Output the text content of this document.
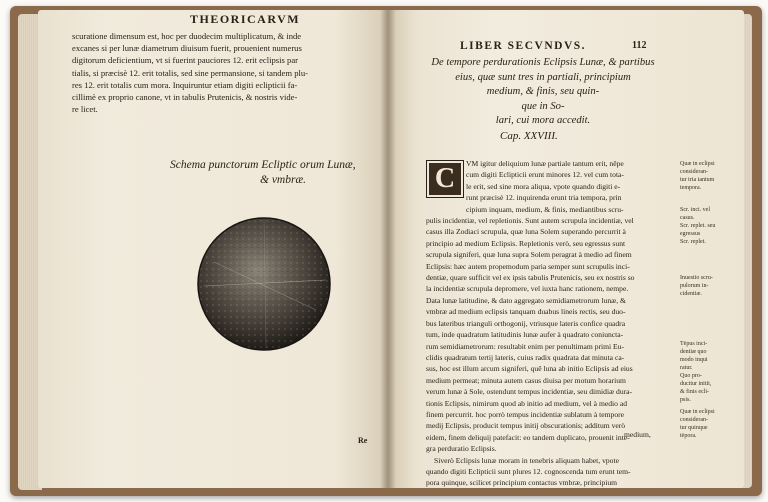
THEORICARVM
scuratione dimensum est, hoc per duodecim multiplicatum, & inde
excanes si per lunæ diametrum diuisum fuerit, prouenient numerus
digitorum deficientium, vt si fuerint pauciores 12. erit eclipsis par
tialis, si præcisè 12. erit totalis, sed sine permansione, si tandem plu-
res 12. erit totalis cum mora. Inquiruntur etiam digiti eclipticii fa-
cillimè ex proprio canone, vt in tabulis Prutenicis, & nostris vide-
re licet.
Schema punctorum Ecliptic orum Lunæ,
& vmbræ.
Re
LIBER SECVNDVS.	112
De tempore perdurationis Eclipsis Lunæ, & partibus
eius, quæ sunt tres in partiali, principium
medium, & finis, seu quin-
que in So-
lari, cui mora accedit.
Cap. XXVIII.
C	VM igitur deliquium lunæ partiale tantum erit, nēpe
cum digiti Eclipticii erunt minores 12. vel cum tota-
le erit, sed sine mora aliqua, vpote quando digiti e-
runt præcisè 12. inquirenda erunt tria tempora, prin
cipium inquam, medium, & finis, mediantibus scru-
pulis incidentiæ, vel repletionis. Sunt autem scrupula incidentiæ, vel
casus illa Zodiaci scrupula, quæ luna Solem superando percurrit à
principio ad medium Eclipsis. Repletionis verò, seu egressus sunt
scrupula signiferi, quæ luna supra Solem peragrat à medio ad finem
Eclipsis: hæc autem propemodum paria semper sunt scrupulis inci-
dentiæ, quare sufficit vel ex ipsis tabulis Prutenicis, seu ex nostris so
la incidentiæ scrupula depromere, vel iuxta hanc rationem, nempe.
Data lunæ latitudine, & dato aggregato semidiametrorum lunæ, &
vmbræ ad medium eclipsis tanquam duabus lineis rectis, seu duo-
bus lateribus trianguli orthogonij, vtriusque lateris confice quadra
tum, inde quadratum latitudinis lunæ aufer à quadrato coniuncta-
rum semidiametrorum: resultabit enim per penultimam primi Eu-
clidis quadratum tertij lateris, cuius radix quadrata dat minuta ca-
sus, hoc est illum arcum signiferi, quē luna ab initio Eclipsis ad eius
medium permeat; minuta autem casus diuisa per motum horarium
verum lunæ à Sole, ostendunt tempus incidentiæ, seu dimidiæ dura-
tionis Eclipsis, nimirum quod ab initio ad medium, vel à medio ad
finem percurrit. hoc porrò tempus incidentiæ sublatum à tempore
medij Eclipsis, producit tempus initij obscurationis; additum verò
eidem, finem deliquij patefacit: eo tandem duplicato, prouenit inte-
gra perduratio Eclipsis.
Siverò Eclipsis lunæ moram in tenebris aliquam habet, vpote
quando digiti Eclipticii sunt plures 12. cognoscenda tum erunt tem-
pora quinque, scilicet principium contactus vmbræ, principium
medium,
Quæ in eclipsi
consideran-
tur tria tantum
tempora.
Scr. inci. vel
casus.
Scr. replet. seu
egressus
Scr. replet.
Inuestio scru-
pulorum in-
cidentiæ.
Tēpus inci-
dentiæ quo
modo inqui
ratur.
Quo pro-
ducitur initii,
& finis ecli-
psis.
Quæ in eclipsi
consideran-
tur quinque
tēpora.
